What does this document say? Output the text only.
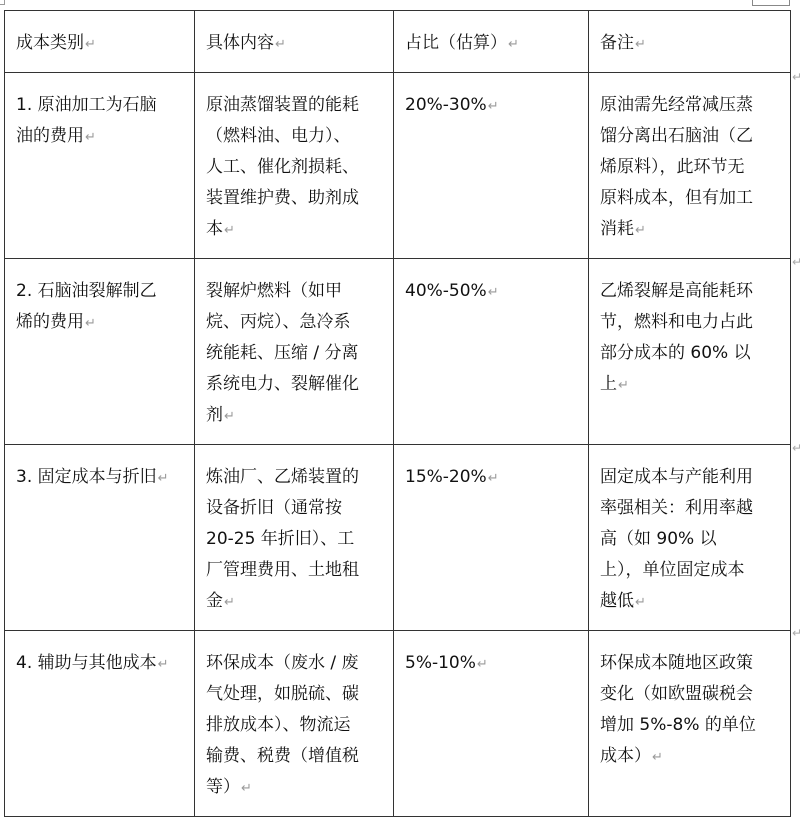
成本类别↵	具体内容↵	占比（估算）↵	备注↵

1. 原油加工为石脑
油的费用↵	原油蒸馏装置的能耗
（燃料油、电力）、
人工、催化剂损耗、
装置维护费、助剂成
本↵	20%-30%↵	原油需先经常减压蒸
馏分离出石脑油（乙
烯原料），此环节无
原料成本，但有加工
消耗↵

2. 石脑油裂解制乙
烯的费用↵	裂解炉燃料（如甲
烷、丙烷）、急冷系
统能耗、压缩 / 分离
系统电力、裂解催化
剂↵	40%-50%↵	乙烯裂解是高能耗环
节，燃料和电力占此
部分成本的 60% 以
上↵

3. 固定成本与折旧↵	炼油厂、乙烯装置的
设备折旧（通常按
20-25 年折旧）、工
厂管理费用、土地租
金↵	15%-20%↵	固定成本与产能利用
率强相关：利用率越
高（如 90% 以
上），单位固定成本
越低↵

4. 辅助与其他成本↵	环保成本（废水 / 废
气处理，如脱硫、碳
排放成本）、物流运
输费、税费（增值税
等）↵	5%-10%↵	环保成本随地区政策
变化（如欧盟碳税会
增加 5%-8% 的单位
成本）↵
↵
↵
↵
↵
